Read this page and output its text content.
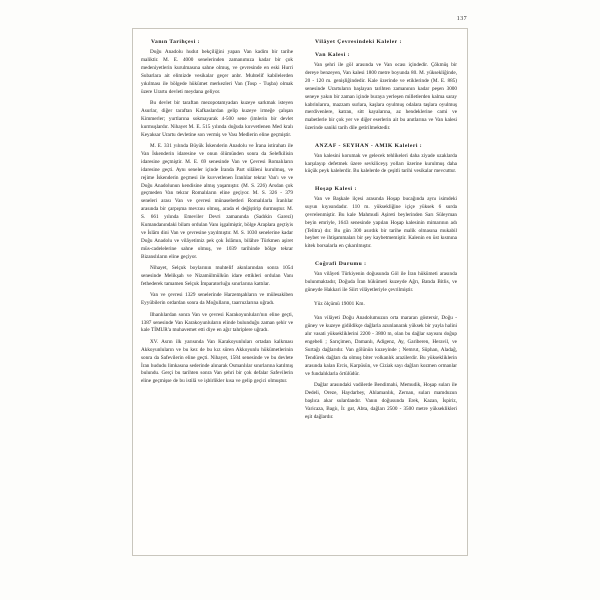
137
Vanın Tarihçesi :

Doğu Anadolu hudut bekçiliğini yapan Van kadim bir tarihe maliktir. M. E. 4000 senelerinden zamanımıza kadar bir çok medeniyetlerin kurulmasına sahne olmuş, ve çevresinde en eski Hurri Subarlara ait elimizde vesikalar geçer anbr. Muhtelif kabilelerden yıkılması ile bölgede hükümet merkezleri Van (Tosp - Tuşba) olmak üzere Urartu devleti meydana geliyor.

Bu devlet bir taraftan mezopotamyadan kuzeye sarkmak isteyen Asurlar, diğer taraftan Kafkaslardan gelip kuzeye irmeğe çalışan Kimmerler; yurtlarına sokmayarak 4-500 sene (imlerin bir devlet kurmuşlardır. Nihayet M. E. 515 yılında doğuda kuvvetlenen Med kralı Keyaksar Urartu devletine son vermiş ve Vası Medlerin eline geçmiştir.

M. E. 331 yılında Büyük İskenderin Anadolu ve İrana istirahatı ile Van İskenderin idaresine ve onun ölümünden sonra da Selefkilisin idaresine geçmiştir. M. E. 69 senesinde Van ve Çevresi Romalıların idaresine geçti. Aynı seneler içinde İranda Part silâleni kurulmuş, ve rejime İskenderin geçmesi ile kuvvetlenen İranlılar tekrar Van'ı ve ve Doğu Anadolunun kendisine almış yaşamıştır. (M. S. 226) Arsdan çok geçmeden Van tekrar Romalıların eline geçiyor. M. S. 326 - 379 seneleri arası Van ve çevresi münasebetleri Romalılarla İranlılar arasında bir çarpışma mevzuu olmuş, arada el değiştirip durmuştur. M. S. 661 yılında Emeviler Devri zamanında (Sadıkin Garezi) Kumandanındaki bilam ordulan Vanı işgalmiştir, bölge Araplara geçtiyis ve İslâm dini Van ve çevresine yayılmıştır. M. S. 1030 senelerine kadar Doğu Anadolu ve vilâyetimiz pek çok İslâmın, bilâhre Türkmen aşiret müs-cadelelerine sahne olmuş, ve 1039 tarihinde bölge tekrar Bizanslıların eline geçiyor.

Nihayet, Selçuk boylarının muhtelif akınlarından sonra 1054 senesinde Melikşah ve Nizamülmülkün idare ettikleri ordulan Vanı fethederek tamamen Selçuk İmparatorluğu sınırlarına kattılar.

Van ve çevresi 1329 senelerinde Harzemşahların ve mülesakiben Eyyübilerin ordardan sonra da Moğulların, taarruzlarına uğradı.

Ilhanlılardan sonra Van ve çevresi Karakoyunluları'nın eline geçti, 1387 senesinde Van Karakoyunluların elinde bulunduğu zaman şehir ve kale TİMUR'a muhavemet etti diye en ağır tahriplere uğradı.

XV. Asrın ilk yarısında Van Karakoyunluları ortadan kalkması Akkoyunluların ve bu kez de bu kız süren Akkoyunlu hükümetlerinin sonra da Safevilerin eline geçti. Nihayet, 1584 senesinde ve bu devlete İran hududu limkasına sederinde alınarak Osmanlılar sınırlarına katılmış bulundu. Gerçi bu tarihten sonra Van şehri bir çok defalar Safevilerin eline geçmişse de bu istilâ ve işbirlikler kısa ve gelip geçici olmuştur.

Vilâyet Çevresindeki Kaleler :
Van Kalesi :

Van şehri ile göl arasında ve Van ocası içindedir. Çökmüş bir dereye benzeyen, Van kalesi 1800 metre boyunda 80. M. yüksekliğinde, 20 - 120 m. genişliğindedir. Kale üzerinde ve etiklerinde (M. E. 885) senesinde Urartuların başlayan tarihten zamanının kadar peşen 3000 seneye yakın bir zaman içinde buraya yerleşen milletlerden kalma saray kabrinlarıra, mazzam surlara, kaşlara oyulmuş odalara taşlara oyulmuş merdivenlere, katran, sitt kayalarına, az hendeklerine cami ve mabetlerle bir çok yer ve diğer eserlerin ait bu anıtlarına ve Van kalesi üzerinde saniki tarih dile getirilmektedir.

ANZAF - SEYHAN - AMIK Kaleleri :

Van kalesini korumak ve gelecek tehlikeleri daha ziyade uzaklarda karşılayıp defetmek üzere sevkiliceyş yolları üzerine kurulmuş daha küçük peyk kalelerdir. Bu kalelerde de çeşitli tarihi vesikalar mevcuttur.

Hoşap Kalesi :

Van ve Başkale ilçesi arasında Hoşap bucağında aynı isimdeki suyun kıyısındadır. 110 m. yüksekliğine içiçe yüksek 6 surda çevrelenmiştir. Bu kale Mahmudi Aşireti beylerinden Sarı Süleyman beyin emriyle, 1643 senesinde yapılan Hoşap kalesinin mimarının adı (Telitra) dır. Bu gün 300 asırdık bir tarihe malik olmasına mukabil heybet ve ihtişammaları bir şey kaybetmemiştir. Kalenin en üst kısmına kitek borsalarla en çıkarılmıştır.

Coğrafi Durumu :

Van vilâyeti Türkiyenin doğusunda Göl ile İran hükümeti arasında bulunmaktadır, Doğuda İran hükümeti kuzeyde Ağrı, Batıda Bitlis, ve güneyde Hakkari ile Siirt vilâyetleriyle çevrilmiştir.

Yüz ölçümü 19001 Km.

Van vilâyeti Doğu Anadolumuzun orta mararan göstersir, Doğu - güney ve kuzeye gidildikçe dağlarla azunlanarak yüksek bir yayla halini alır vasati yüksekliklerini 2200 - 3800 m, olan bu dağlar sayısını doğup engebeli ; Sarıçimen, Damanlı, Adigenz, Ay, Gariberen, Heravil, ve Surtağı dağlarıdır. Van gölünün kuzeyinde ; Nemrut, Süphan, Aladağ, Tendürek dağları da olmuş biter volkanlık arazilerdir. Bu yüksekliklerin arasında kalan Ercis, Karpüsün, ve Ciziak sayı dağları kozmen ormanlar ve fundalıklarla örtülüdür.

Dağlar arasındaki vadilerde Bendimahi, Memudik, Hoşap suları ile Dedeli, Oreze, Haydarbey, Ahlamanlık, Zernan, suları mamduzun başlıca akar sulardandır. Vanın doğusunda Erek, Kazan, İspiriz, Varicaza, Bagiı, İr. gat, Abta, dağları 2500 - 3500 metre yükseklikleri eşit dağlardır.
